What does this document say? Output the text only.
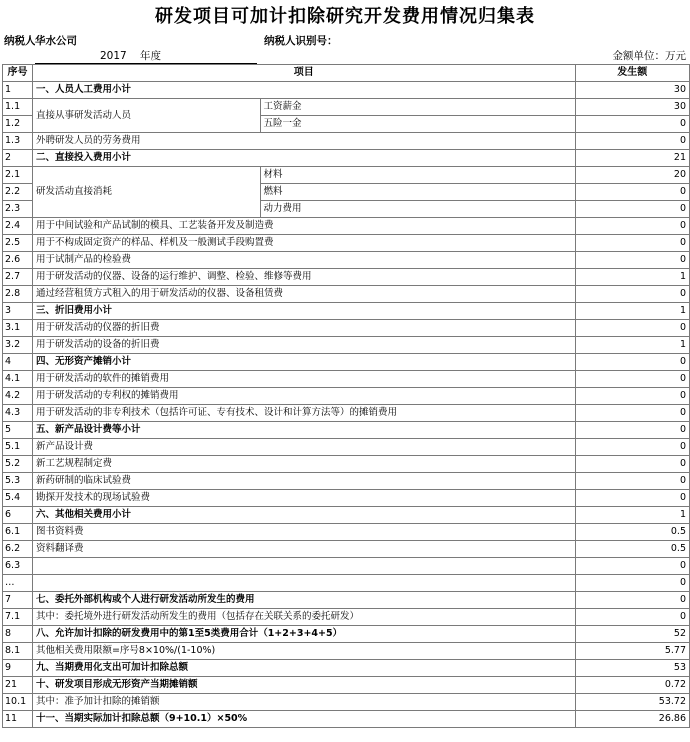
研发项目可加计扣除研究开发费用情况归集表
纳税人 华水公司	纳税人识别号：
2017 年度	金额单位：万元
序号	项目		发生额
1	一、人员人工费用小计		30
1.1	直接从事研发活动人员	工资薪金	30
1.2		五险一金	0
1.3	外聘研发人员的劳务费用		0
2	二、直接投入费用小计		21
2.1	研发活动直接消耗	材料	20
2.2		燃料	0
2.3		动力费用	0
2.4	用于中间试验和产品试制的模具、工艺装备开发及制造费		0
2.5	用于不构成固定资产的样品、样机及一般测试手段购置费		0
2.6	用于试制产品的检验费		0
2.7	用于研发活动的仪器、设备的运行维护、调整、检验、维修等费用		1
2.8	通过经营租赁方式租入的用于研发活动的仪器、设备租赁费		0
3	三、折旧费用小计		1
3.1	用于研发活动的仪器的折旧费		0
3.2	用于研发活动的设备的折旧费		1
4	四、无形资产摊销小计		0
4.1	用于研发活动的软件的摊销费用		0
4.2	用于研发活动的专利权的摊销费用		0
4.3	用于研发活动的非专利技术（包括许可证、专有技术、设计和计算方法等）的摊销费用		0
5	五、新产品设计费等小计		0
5.1	新产品设计费		0
5.2	新工艺规程制定费		0
5.3	新药研制的临床试验费		0
5.4	勘探开发技术的现场试验费		0
6	六、其他相关费用小计		1
6.1	图书资料费		0.5
6.2	资料翻译费		0.5
6.3			0
…			0
7	七、委托外部机构或个人进行研发活动所发生的费用		0
7.1	其中：委托境外进行研发活动所发生的费用（包括存在关联关系的委托研发）		0
8	八、允许加计扣除的研发费用中的第1至5类费用合计（1+2+3+4+5）		52
8.1	其他相关费用限额=序号8×10%/(1-10%)		5.77
9	九、当期费用化支出可加计扣除总额		53
21	十、研发项目形成无形资产当期摊销额		0.72
10.1	其中：准予加计扣除的摊销额		53.72
11	十一、当期实际加计扣除总额（9+10.1）×50%		26.86
